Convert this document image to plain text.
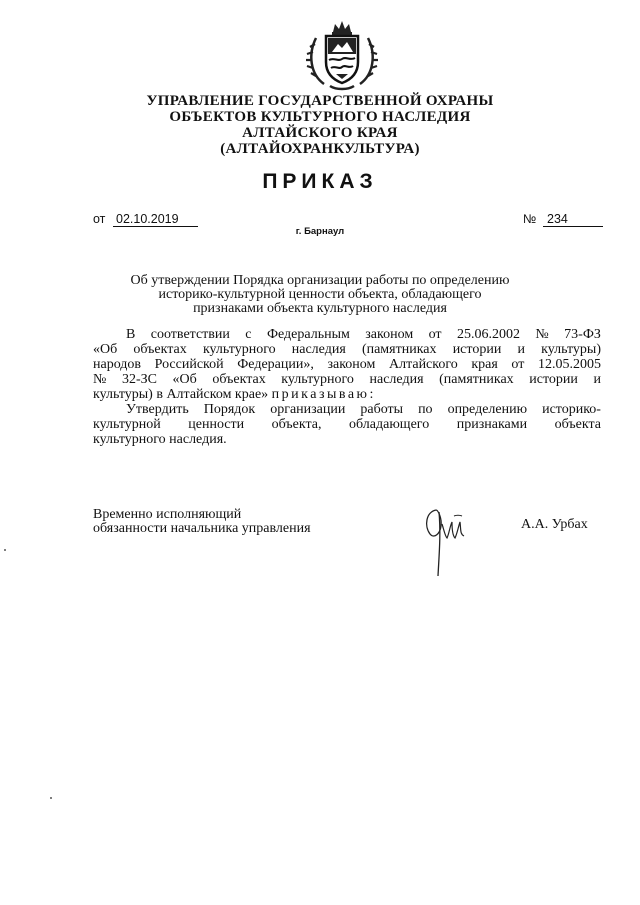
УПРАВЛЕНИЕ ГОСУДАРСТВЕННОЙ ОХРАНЫ
ОБЪЕКТОВ КУЛЬТУРНОГО НАСЛЕДИЯ
АЛТАЙСКОГО КРАЯ
(АЛТАЙОХРАНКУЛЬТУРА)
ПРИКАЗ
от 02.10.2019	№ 234
г. Барнаул
Об утверждении Порядка организации работы по определению
историко-культурной ценности объекта, обладающего
признаками объекта культурного наследия
В соответствии с Федеральным законом от 25.06.2002 № 73-ФЗ
«Об объектах культурного наследия (памятниках истории и культуры)
народов Российской Федерации», законом Алтайского края от 12.05.2005
№ 32-ЗС «Об объектах культурного наследия (памятниках истории и
культуры) в Алтайском крае»
приказываю:
Утвердить Порядок организации работы по определению историко-
культурной ценности объекта, обладающего признаками объекта
культурного наследия.
Временно исполняющий
обязанности начальника управления	А.А. Урбах
